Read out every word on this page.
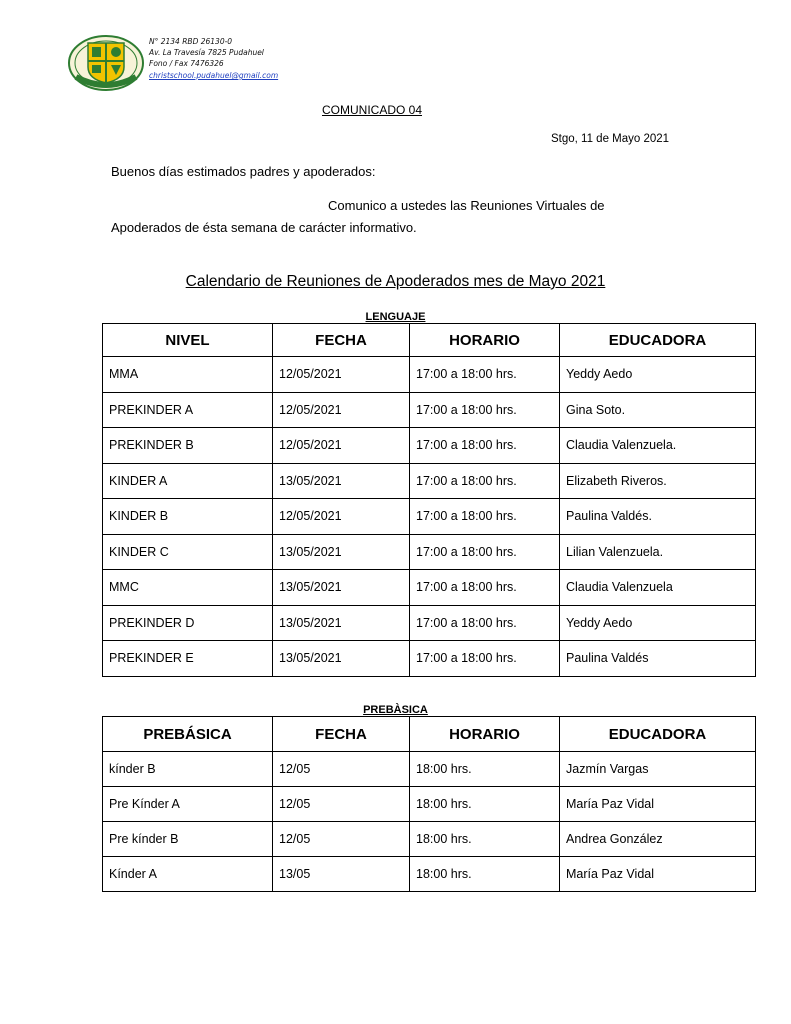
N° 2134 RBD 26130-0
Av. La Travesía 7825 Pudahuel
Fono / Fax 7476326
christschool.pudahuel@gmail.com
COMUNICADO 04
Stgo, 11 de Mayo 2021
Buenos días estimados padres y apoderados:
Comunico a ustedes las Reuniones Virtuales de
Apoderados de ésta semana de carácter informativo.
Calendario de Reuniones de Apoderados mes de Mayo 2021
LENGUAJE
NIVEL	FECHA	HORARIO	EDUCADORA
MMA	12/05/2021	17:00 a 18:00 hrs.	Yeddy Aedo
PREKINDER A	12/05/2021	17:00 a 18:00 hrs.	Gina Soto.
PREKINDER B	12/05/2021	17:00 a 18:00 hrs.	Claudia Valenzuela.
KINDER A	13/05/2021	17:00 a 18:00 hrs.	Elizabeth Riveros.
KINDER B	12/05/2021	17:00 a 18:00 hrs.	Paulina Valdés.
KINDER C	13/05/2021	17:00 a 18:00 hrs.	Lilian Valenzuela.
MMC	13/05/2021	17:00 a 18:00 hrs.	Claudia Valenzuela
PREKINDER D	13/05/2021	17:00 a 18:00 hrs.	Yeddy Aedo
PREKINDER E	13/05/2021	17:00 a 18:00 hrs.	Paulina Valdés
PREBÀSICA
PREBÁSICA	FECHA	HORARIO	EDUCADORA
kínder B	12/05	18:00 hrs.	Jazmín Vargas
Pre Kínder A	12/05	18:00 hrs.	María Paz Vidal
Pre kínder B	12/05	18:00 hrs.	Andrea González
Kínder A	13/05	18:00 hrs.	María Paz Vidal
